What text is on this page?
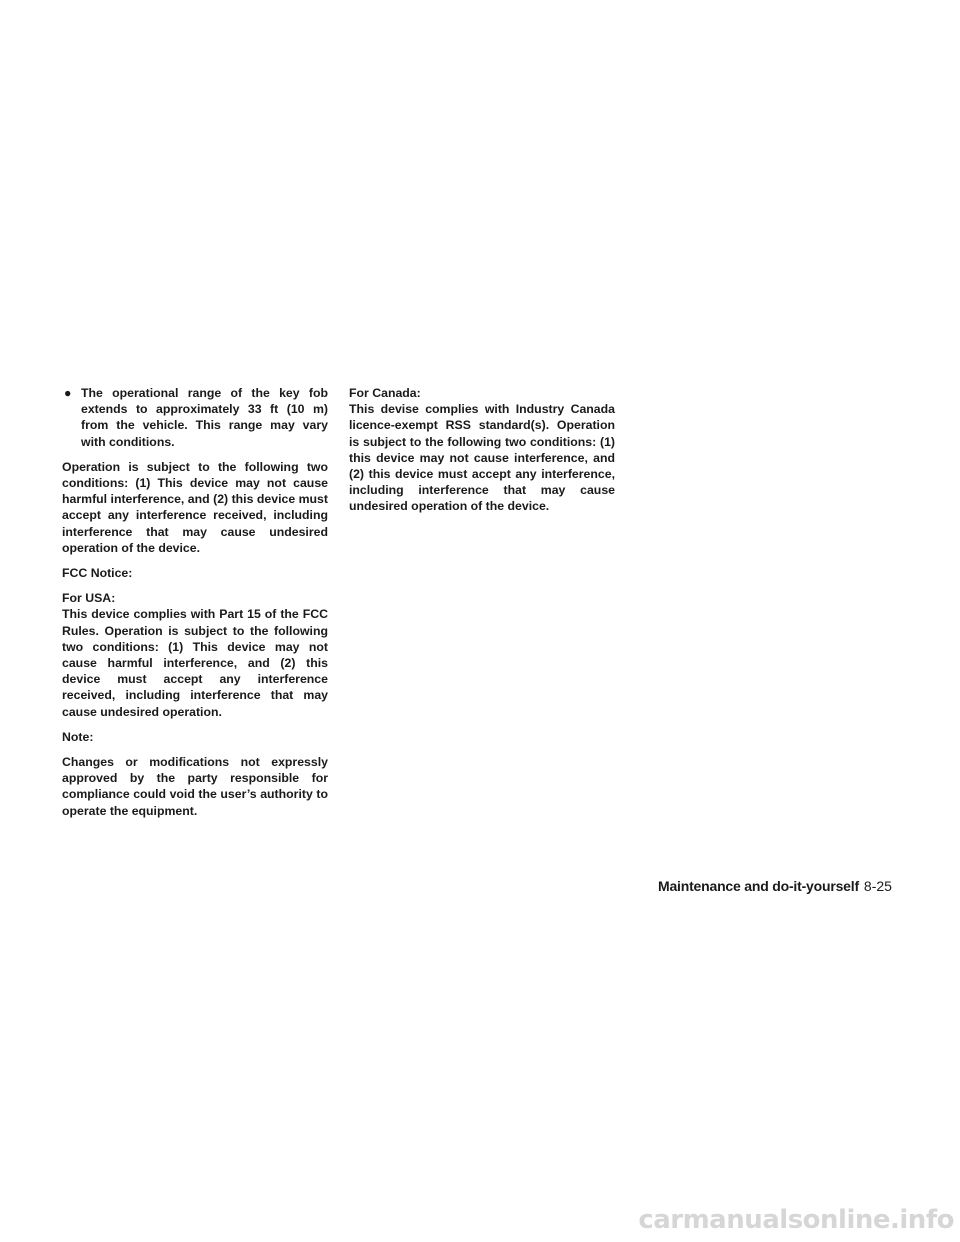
● The operational range of the key fob extends to approximately 33 ft (10 m) from the vehicle. This range may vary with conditions.

Operation is subject to the following two conditions: (1) This device may not cause harmful interference, and (2) this device must accept any interference received, including interference that may cause undesired operation of the device.

FCC Notice:

For USA:
This device complies with Part 15 of the FCC Rules. Operation is subject to the following two conditions: (1) This device may not cause harmful interference, and (2) this device must accept any interference received, including interference that may cause undesired operation.

Note:

Changes or modifications not expressly approved by the party responsible for compliance could void the user’s authority to operate the equipment.

For Canada:
This devise complies with Industry Canada licence-exempt RSS standard(s). Operation is subject to the following two conditions: (1) this device may not cause interference, and (2) this device must accept any interference, including interference that may cause undesired operation of the device.
Maintenance and do-it-yourself 8-25
carmanualsonline.info
